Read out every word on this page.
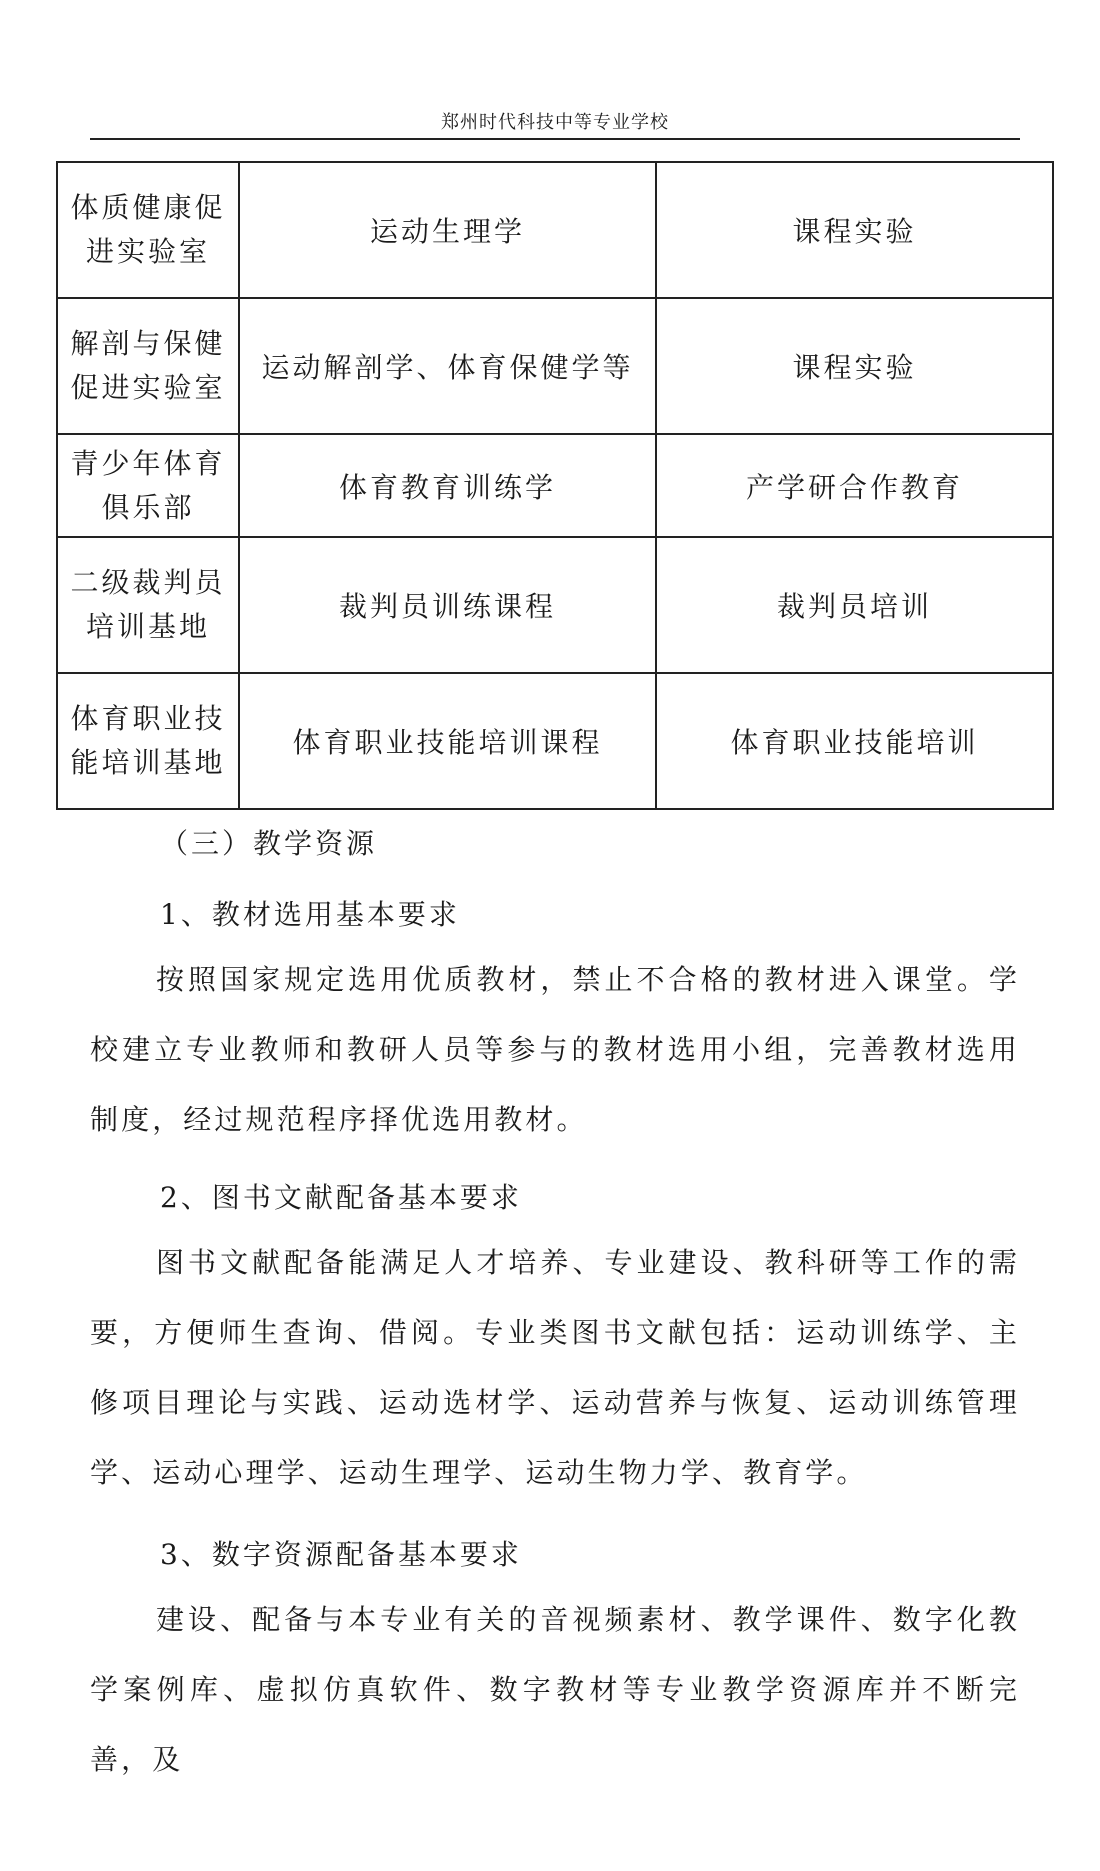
郑州时代科技中等专业学校
体质健康促进实验室	运动生理学	课程实验
解剖与保健促进实验室	运动解剖学、体育保健学等	课程实验
青少年体育俱乐部	体育教育训练学	产学研合作教育
二级裁判员培训基地	裁判员训练课程	裁判员培训
体育职业技能培训基地	体育职业技能培训课程	体育职业技能培训
（三）教学资源
1、教材选用基本要求
按照国家规定选用优质教材，禁止不合格的教材进入课堂。学校建立专业教师和教研人员等参与的教材选用小组，完善教材选用制度，经过规范程序择优选用教材。
2、图书文献配备基本要求
图书文献配备能满足人才培养、专业建设、教科研等工作的需要，方便师生查询、借阅。专业类图书文献包括：运动训练学、主修项目理论与实践、运动选材学、运动营养与恢复、运动训练管理学、运动心理学、运动生理学、运动生物力学、教育学。
3、数字资源配备基本要求
建设、配备与本专业有关的音视频素材、教学课件、数字化教学案例库、虚拟仿真软件、数字教材等专业教学资源库并不断完善，及
